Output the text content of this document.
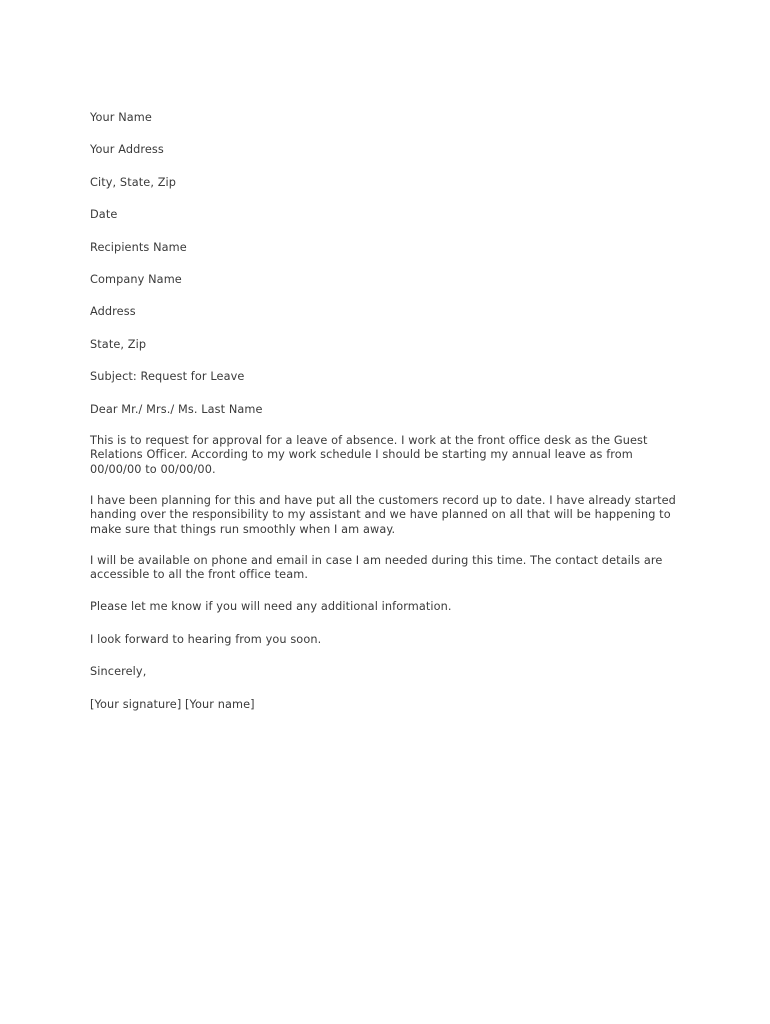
Your Name

Your Address

City, State, Zip

Date

Recipients Name

Company Name

Address

State, Zip

Subject: Request for Leave

Dear Mr./ Mrs./ Ms. Last Name

This is to request for approval for a leave of absence. I work at the front office desk as the Guest Relations Officer. According to my work schedule I should be starting my annual leave as from 00/00/00 to 00/00/00.

I have been planning for this and have put all the customers record up to date. I have already started handing over the responsibility to my assistant and we have planned on all that will be happening to make sure that things run smoothly when I am away.

I will be available on phone and email in case I am needed during this time. The contact details are accessible to all the front office team.

Please let me know if you will need any additional information.

I look forward to hearing from you soon.

Sincerely,

[Your signature] [Your name]
